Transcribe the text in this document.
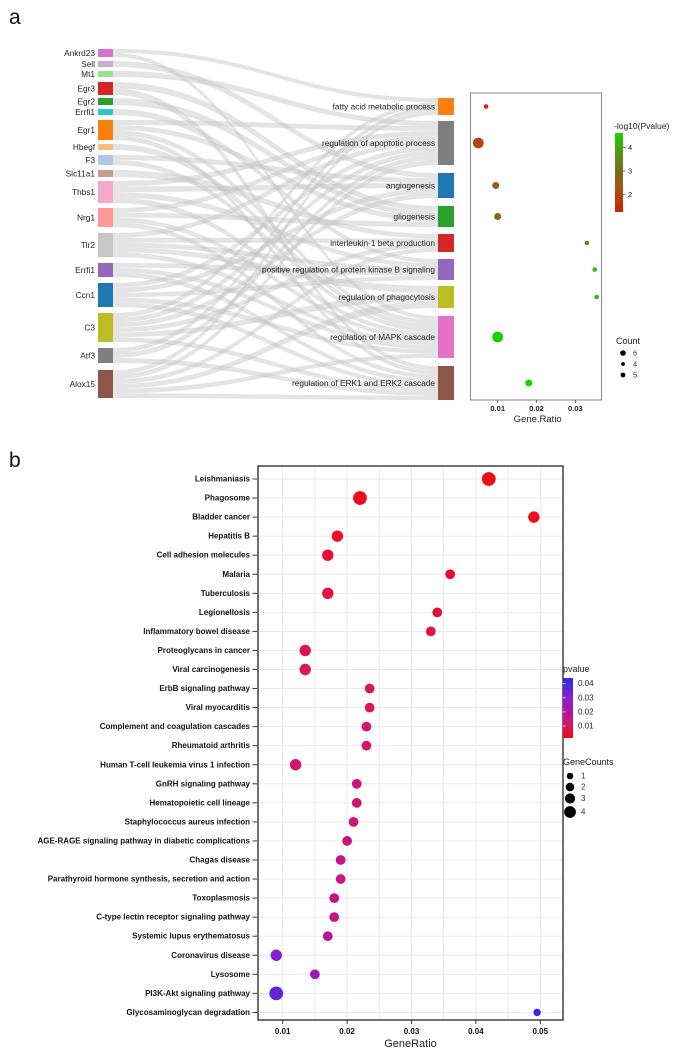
a
b
Ankrd23
Sell
Mt1
Egr3
Egr2
Errfi1
Egr1
Hbegf
F3
Slc11a1
Thbs1
Nrg1
Tlr2
Errfi1
Ccn1
C3
Atf3
Alox15
fatty acid metabolic process
regulation of apoptotic process
angiogenesis
gliogenesis
interleukin-1 beta production
positive regulation of protein kinase B signaling
regulation of phagocytosis
regulation of MAPK cascade
regulation of ERK1 and ERK2 cascade
0.01	0.02	0.03
Gene.Ratio
-log10(Pvalue)
4
3
2
Count
6
4
5
Leishmaniasis
Phagosome
Bladder cancer
Hepatitis B
Cell adhesion molecules
Malaria
Tuberculosis
Legionellosis
Inflammatory bowel disease
Proteoglycans in cancer
Viral carcinogenesis
ErbB signaling pathway
Viral myocarditis
Complement and coagulation cascades
Rheumatoid arthritis
Human T-cell leukemia virus 1 infection
GnRH signaling pathway
Hematopoietic cell lineage
Staphylococcus aureus infection
AGE-RAGE signaling pathway in diabetic complications
Chagas disease
Parathyroid hormone synthesis, secretion and action
Toxoplasmosis
C-type lectin receptor signaling pathway
Systemic lupus erythematosus
Coronavirus disease
Lysosome
PI3K-Akt signaling pathway
Glycosaminoglycan degradation
0.01	0.02	0.03	0.04	0.05
GeneRatio
pvalue
0.04
0.03
0.02
0.01
GeneCounts
1
2
3
4
